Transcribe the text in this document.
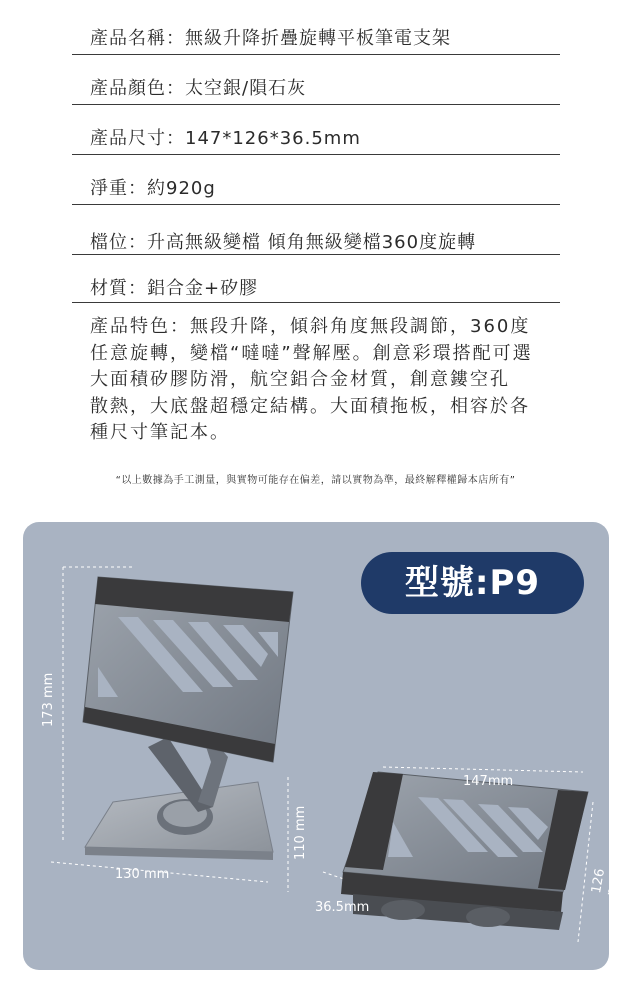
產品名稱：無級升降折疊旋轉平板筆電支架
產品顏色：太空銀/隕石灰
產品尺寸：147*126*36.5mm
淨重：約920g
檔位：升高無級變檔 傾角無級變檔360度旋轉
材質：鋁合金+矽膠
產品特色：無段升降，傾斜角度無段調節，360度
任意旋轉，變檔“噠噠”聲解壓。創意彩環搭配可選
大面積矽膠防滑，航空鋁合金材質，創意鏤空孔
散熱，大底盤超穩定結構。大面積拖板，相容於各
種尺寸筆記本。
“以上數據為手工測量，與實物可能存在偏差，請以實物為準，最終解釋權歸本店所有”
型號:P9
173 mm
130 mm
110 mm
147mm
126 mm
36.5mm
